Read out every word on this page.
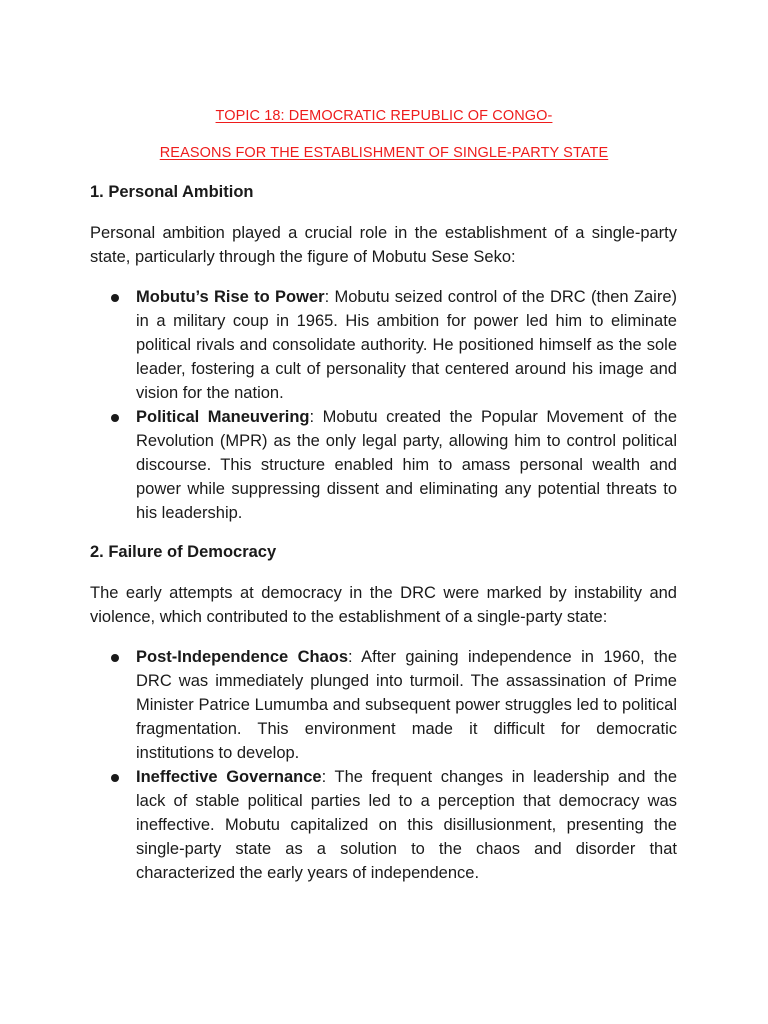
TOPIC 18: DEMOCRATIC REPUBLIC OF CONGO-
REASONS FOR THE ESTABLISHMENT OF SINGLE-PARTY STATE
1. Personal Ambition

Personal ambition played a crucial role in the establishment of a single-party state, particularly through the figure of Mobutu Sese Seko:

Mobutu’s Rise to Power: Mobutu seized control of the DRC (then Zaire) in a military coup in 1965. His ambition for power led him to eliminate political rivals and consolidate authority. He positioned himself as the sole leader, fostering a cult of personality that centered around his image and vision for the nation.
Political Maneuvering: Mobutu created the Popular Movement of the Revolution (MPR) as the only legal party, allowing him to control political discourse. This structure enabled him to amass personal wealth and power while suppressing dissent and eliminating any potential threats to his leadership.
2. Failure of Democracy

The early attempts at democracy in the DRC were marked by instability and violence, which contributed to the establishment of a single-party state:

Post-Independence Chaos: After gaining independence in 1960, the DRC was immediately plunged into turmoil. The assassination of Prime Minister Patrice Lumumba and subsequent power struggles led to political fragmentation. This environment made it difficult for democratic institutions to develop.
Ineffective Governance: The frequent changes in leadership and the lack of stable political parties led to a perception that democracy was ineffective. Mobutu capitalized on this disillusionment, presenting the single-party state as a solution to the chaos and disorder that characterized the early years of independence.
